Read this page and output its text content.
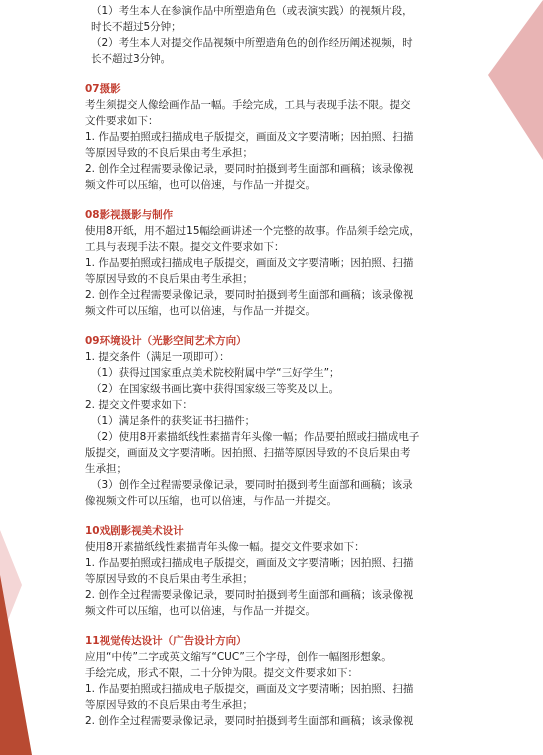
（1）考生本人在参演作品中所塑造角色（或表演实践）的视频片段，

时长不超过5分钟；

（2）考生本人对提交作品视频中所塑造角色的创作经历阐述视频，时

长不超过3分钟。

07摄影

考生须提交人像绘画作品一幅。手绘完成，工具与表现手法不限。提交

文件要求如下：

1. 作品要拍照或扫描成电子版提交，画面及文字要清晰；因拍照、扫描

等原因导致的不良后果由考生承担；

2. 创作全过程需要录像记录，要同时拍摄到考生面部和画稿；该录像视

频文件可以压缩，也可以倍速，与作品一并提交。

08影视摄影与制作

使用8开纸，用不超过15幅绘画讲述一个完整的故事。作品须手绘完成，

工具与表现手法不限。提交文件要求如下：

1. 作品要拍照或扫描成电子版提交，画面及文字要清晰；因拍照、扫描

等原因导致的不良后果由考生承担；

2. 创作全过程需要录像记录，要同时拍摄到考生面部和画稿；该录像视

频文件可以压缩，也可以倍速，与作品一并提交。

09环境设计（光影空间艺术方向）

1. 提交条件（满足一项即可）：

（1）获得过国家重点美术院校附属中学“三好学生”；

（2）在国家级书画比赛中获得国家级三等奖及以上。

2. 提交文件要求如下：

（1）满足条件的获奖证书扫描件；

（2）使用8开素描纸线性素描青年头像一幅；作品要拍照或扫描成电子

版提交，画面及文字要清晰。因拍照、扫描等原因导致的不良后果由考

生承担；

（3）创作全过程需要录像记录，要同时拍摄到考生面部和画稿；该录

像视频文件可以压缩，也可以倍速，与作品一并提交。

10戏剧影视美术设计

使用8开素描纸线性素描青年头像一幅。提交文件要求如下：

1. 作品要拍照或扫描成电子版提交，画面及文字要清晰；因拍照、扫描

等原因导致的不良后果由考生承担；

2. 创作全过程需要录像记录，要同时拍摄到考生面部和画稿；该录像视

频文件可以压缩，也可以倍速，与作品一并提交。

11视觉传达设计（广告设计方向）

应用“中传”二字或英文缩写“CUC”三个字母，创作一幅图形想象。

手绘完成，形式不限，二十分钟为限。提交文件要求如下：

1. 作品要拍照或扫描成电子版提交，画面及文字要清晰；因拍照、扫描

等原因导致的不良后果由考生承担；

2. 创作全过程需要录像记录，要同时拍摄到考生面部和画稿；该录像视
